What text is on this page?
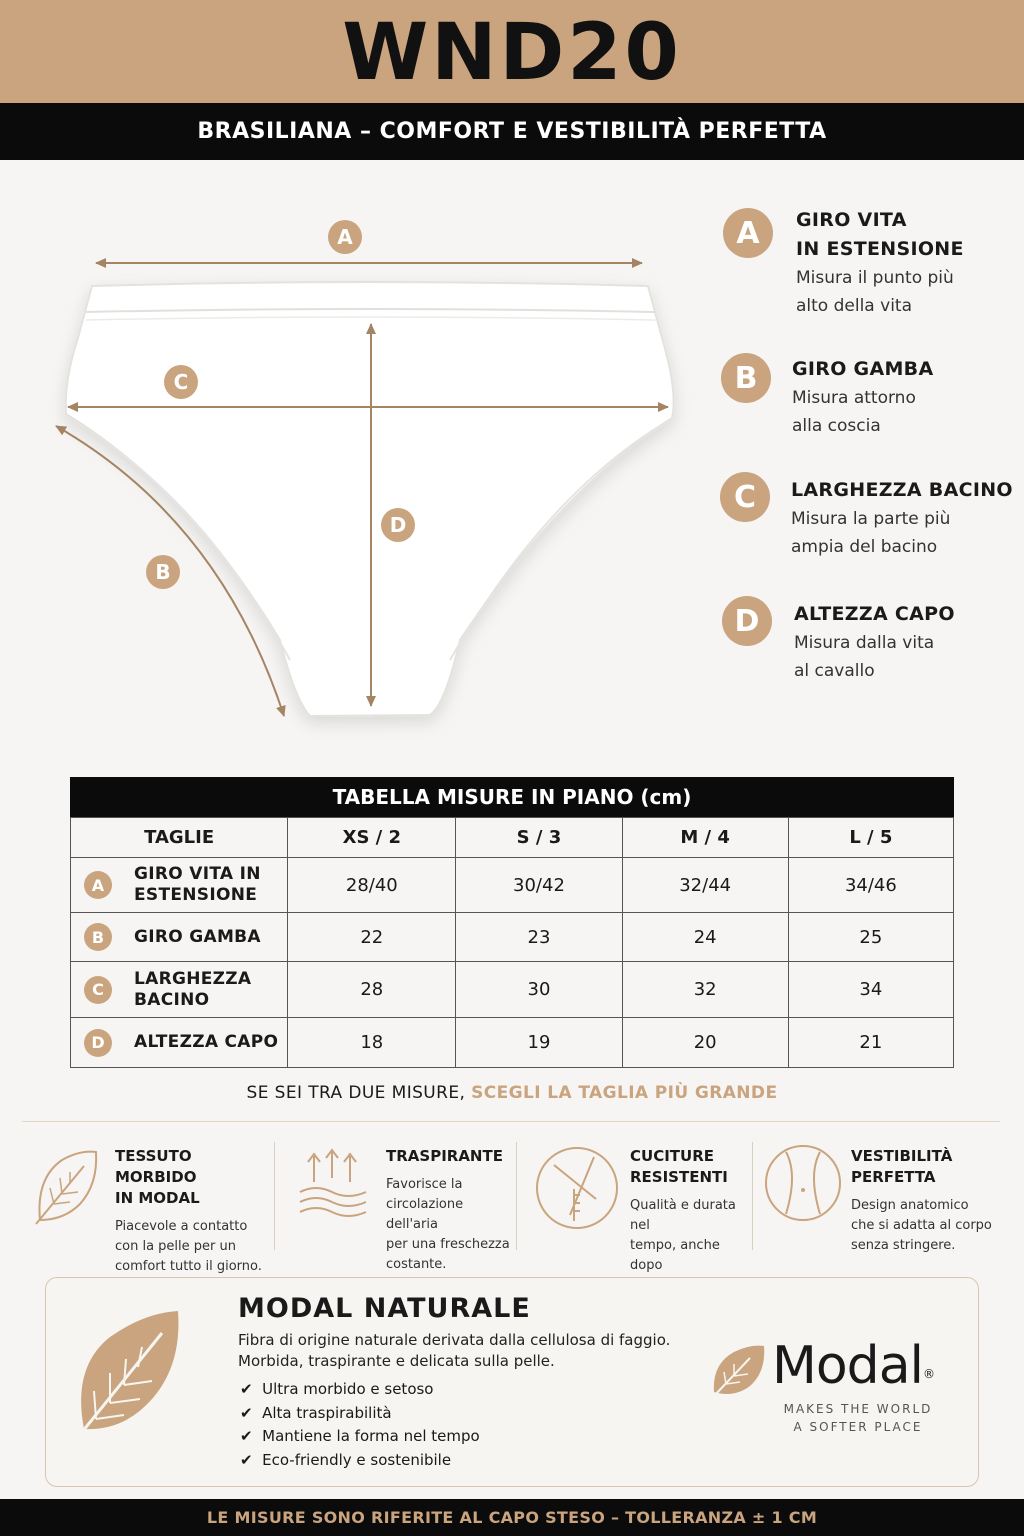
WND20
BRASILIANA – COMFORT E VESTIBILITÀ PERFETTA
A
C
D
B
A	GIRO VITA
IN ESTENSIONE
Misura il punto più
alto della vita
B	GIRO GAMBA
Misura attorno
alla coscia
C	LARGHEZZA BACINO
Misura la parte più
ampia del bacino
D	ALTEZZA CAPO
Misura dalla vita
al cavallo
TABELLA MISURE IN PIANO (cm)
TAGLIE	XS / 2	S / 3	M / 4	L / 5

A
GIRO VITA IN
ESTENSIONE	28/40	30/42	32/44	34/46

B GIRO GAMBA	22	23	24	25

C
LARGHEZZA
BACINO	28	30	32	34

D ALTEZZA CAPO	18	19	20	21
SE SEI TRA DUE MISURE, SCEGLI LA TAGLIA PIÙ GRANDE
TESSUTO MORBIDO
IN MODAL
Piacevole a contatto
con la pelle per un
comfort tutto il giorno.
TRASPIRANTE
Favorisce la
circolazione dell'aria
per una freschezza
costante.
CUCITURE
RESISTENTI
Qualità e durata nel
tempo, anche dopo

VESTIBILITÀ
PERFETTA
Design anatomico
che si adatta al corpo
senza stringere.
MODAL NATURALE
Fibra di origine naturale derivata dalla cellulosa di faggio.
Morbida, traspirante e delicata sulla pelle.
✔ Ultra morbido e setoso
✔ Alta traspirabilità
✔ Mantiene la forma nel tempo
✔ Eco-friendly e sostenibile
Modal®
MAKES THE WORLD
A SOFTER PLACE
LE MISURE SONO RIFERITE AL CAPO STESO – TOLLERANZA ± 1 CM
